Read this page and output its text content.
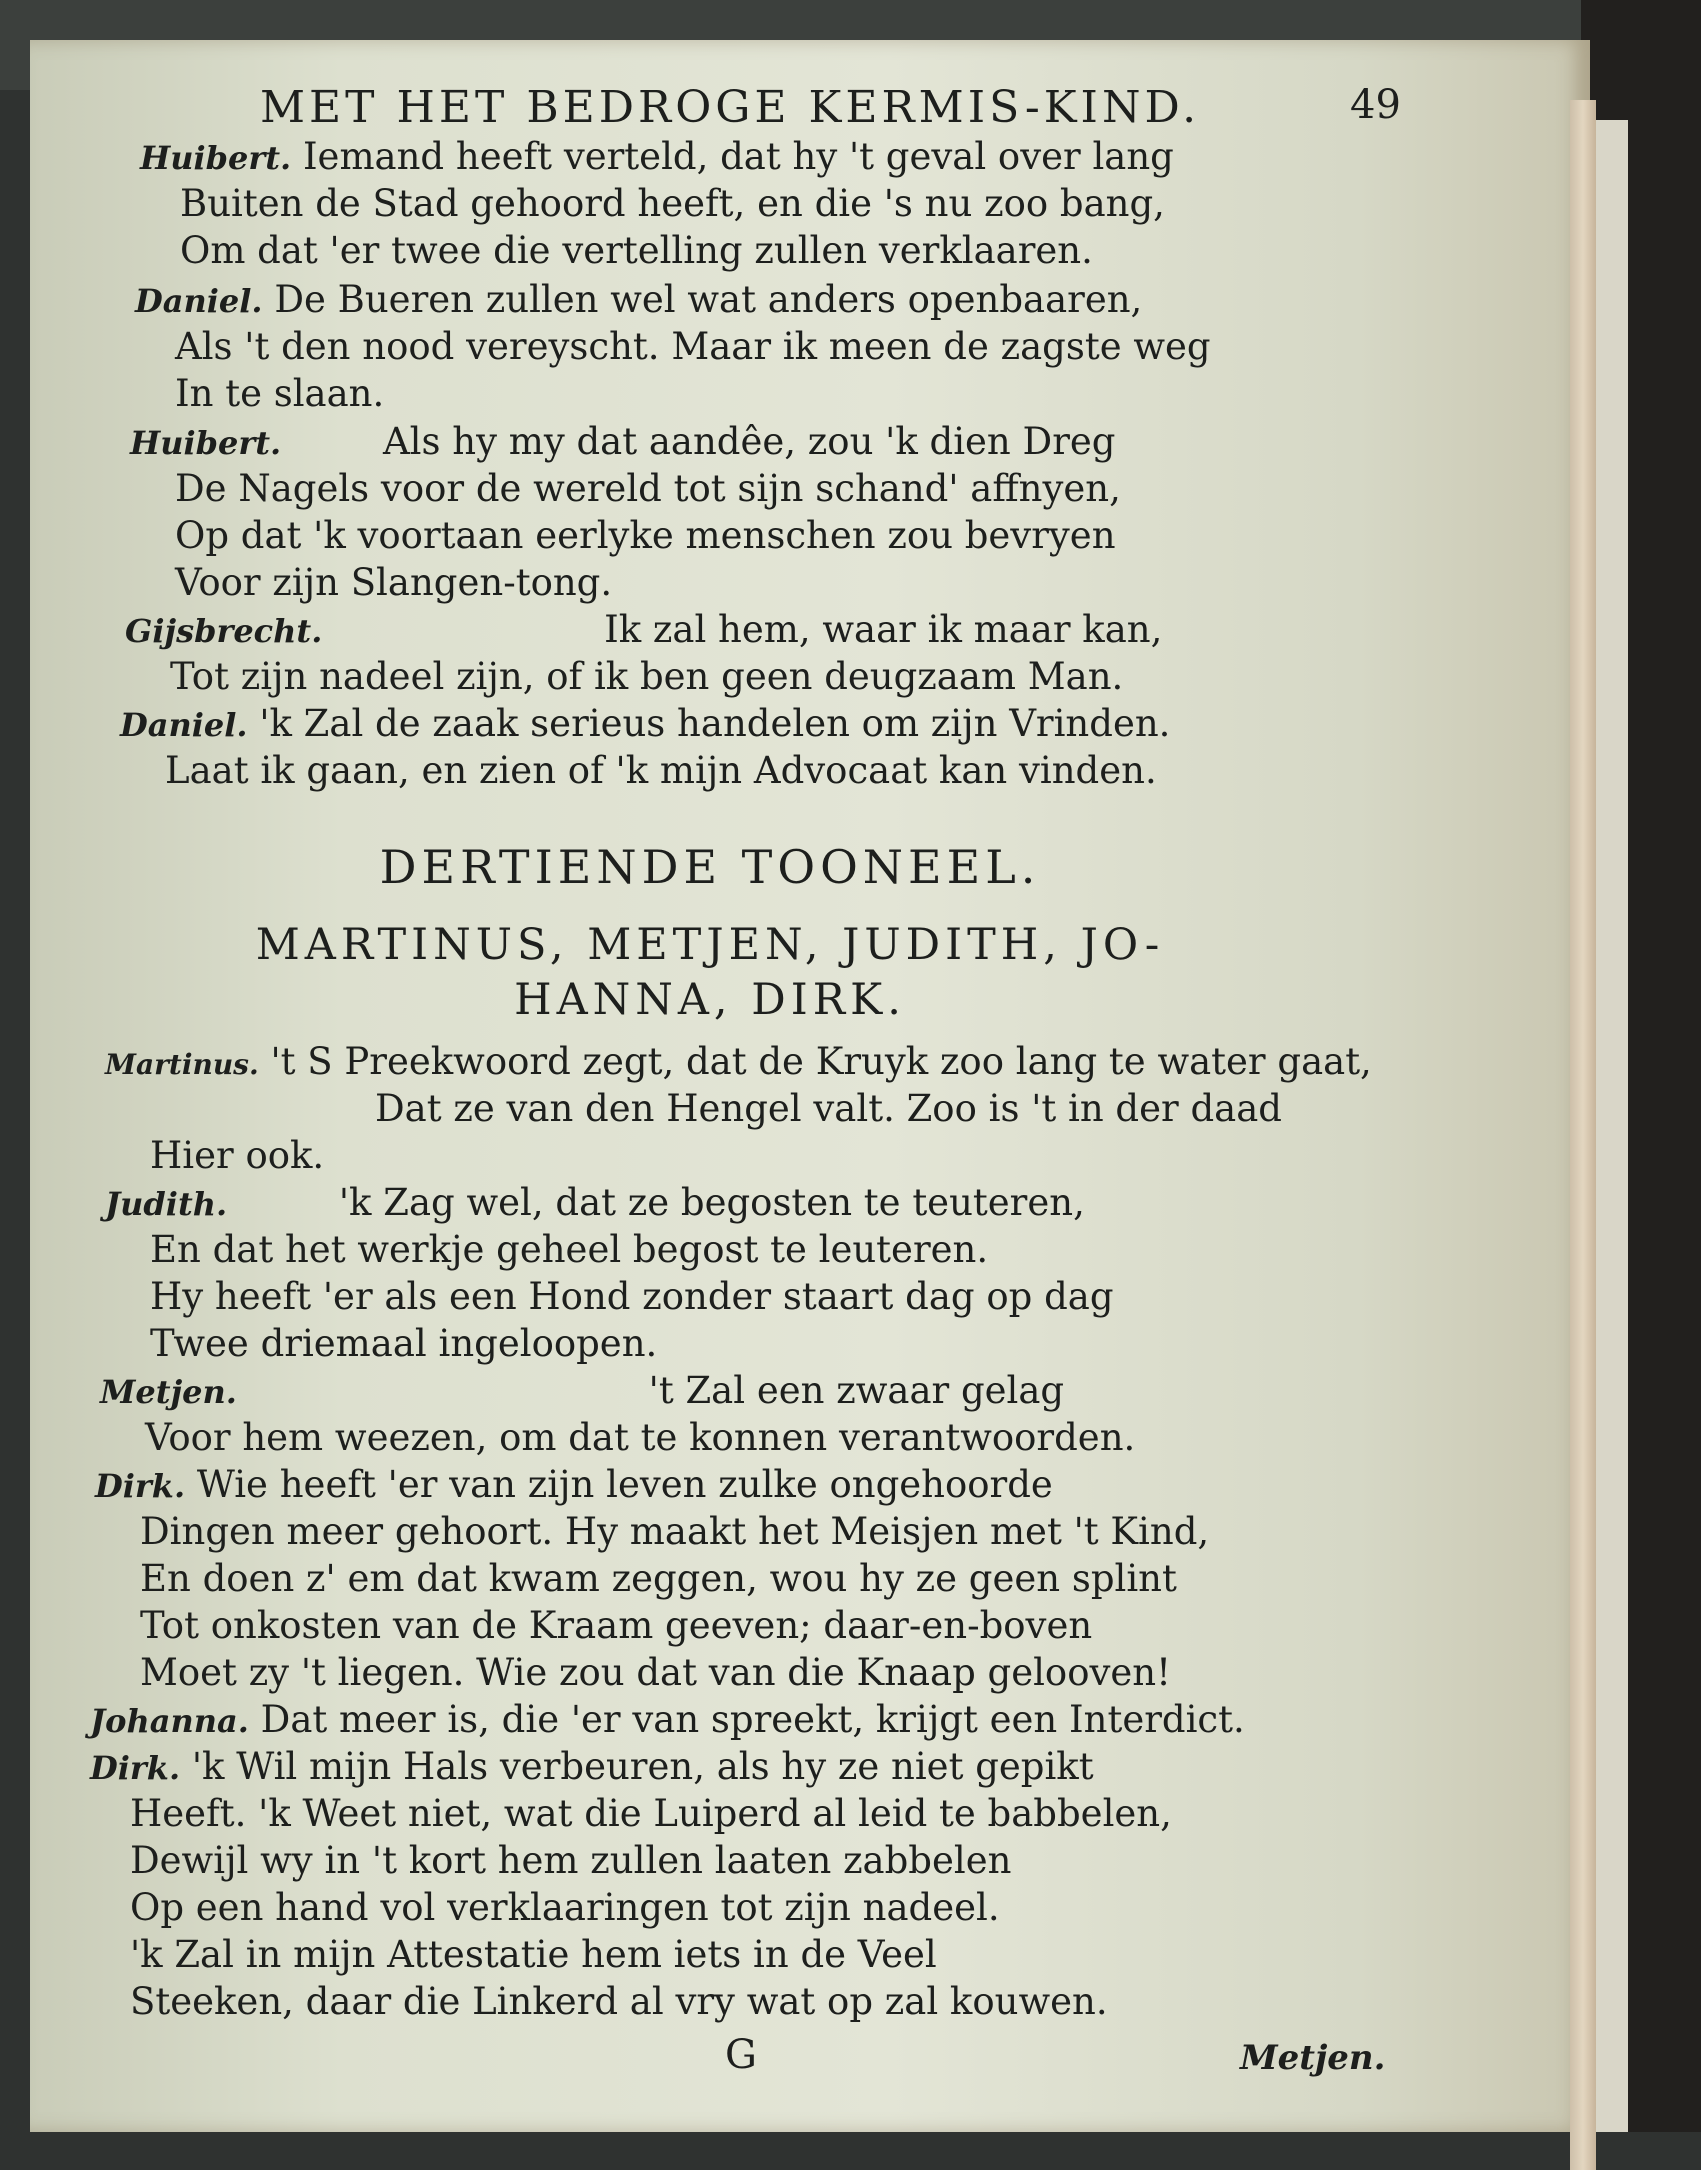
MET HET BEDROGE KERMIS-KIND.	49
Huibert. Iemand heeft verteld, dat hy 't geval over lang
Buiten de Stad gehoord heeft, en die 's nu zoo bang,
Om dat 'er twee die vertelling zullen verklaaren.
Daniel. De Bueren zullen wel wat anders openbaaren,
Als 't den nood vereyscht. Maar ik meen de zagste weg
In te slaan.
Huibert.	Als hy my dat aandêe, zou 'k dien Dreg
De Nagels voor de wereld tot sijn schand' affnyen,
Op dat 'k voortaan eerlyke menschen zou bevryen
Voor zijn Slangen-tong.
Gijsbrecht.	Ik zal hem, waar ik maar kan,
Tot zijn nadeel zijn, of ik ben geen deugzaam Man.
Daniel. 'k Zal de zaak serieus handelen om zijn Vrinden.
Laat ik gaan, en zien of 'k mijn Advocaat kan vinden.
DERTIENDE TOONEEL.
MARTINUS, METJEN, JUDITH, JO-
HANNA, DIRK.
Martinus. 't S Preekwoord zegt, dat de Kruyk zoo lang te water gaat,
Dat ze van den Hengel valt. Zoo is 't in der daad
Hier ook.
Judith.	'k Zag wel, dat ze begosten te teuteren,
En dat het werkje geheel begost te leuteren.
Hy heeft 'er als een Hond zonder staart dag op dag
Twee driemaal ingeloopen.
Metjen.	't Zal een zwaar gelag
Voor hem weezen, om dat te konnen verantwoorden.
Dirk. Wie heeft 'er van zijn leven zulke ongehoorde
Dingen meer gehoort. Hy maakt het Meisjen met 't Kind,
En doen z' em dat kwam zeggen, wou hy ze geen splint
Tot onkosten van de Kraam geeven; daar-en-boven
Moet zy 't liegen. Wie zou dat van die Knaap gelooven!
Johanna. Dat meer is, die 'er van spreekt, krijgt een Interdict.
Dirk. 'k Wil mijn Hals verbeuren, als hy ze niet gepikt
Heeft. 'k Weet niet, wat die Luiperd al leid te babbelen,
Dewijl wy in 't kort hem zullen laaten zabbelen
Op een hand vol verklaaringen tot zijn nadeel.
'k Zal in mijn Attestatie hem iets in de Veel
Steeken, daar die Linkerd al vry wat op zal kouwen.
G	Metjen.
